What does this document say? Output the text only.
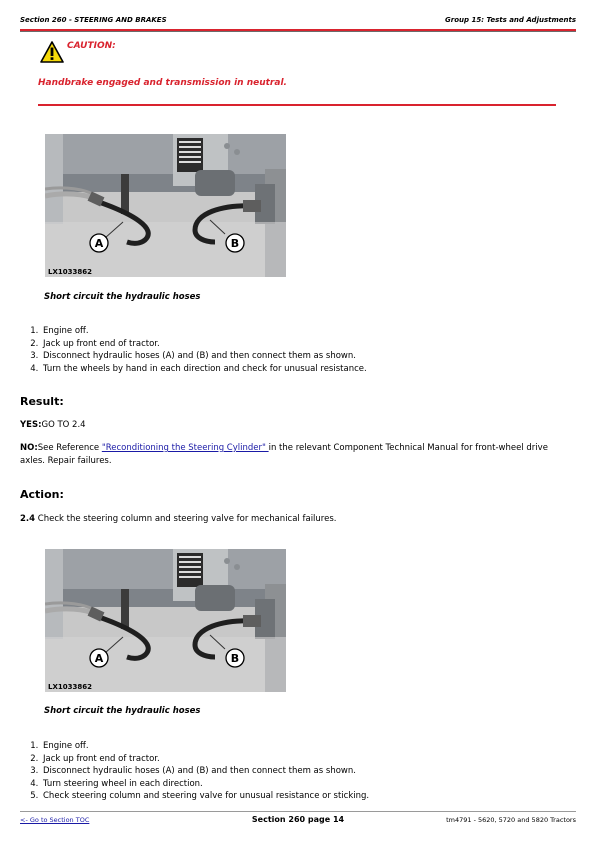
Section 260 - STEERING AND BRAKES	Group 15: Tests and Adjustments
CAUTION:
Handbrake engaged and transmission in neutral.
A	B
LX1033862
Short circuit the hydraulic hoses
1. Engine off.
2. Jack up front end of tractor.
3. Disconnect hydraulic hoses (A) and (B) and then connect them as shown.
4. Turn the wheels by hand in each direction and check for unusual resistance.
Result:
YES:GO TO 2.4
NO:See Reference "Reconditioning the Steering Cylinder" in the relevant Component Technical Manual for front-wheel drive axles. Repair failures.
Action:
2.4 Check the steering column and steering valve for mechanical failures.
A	B
LX1033862
Short circuit the hydraulic hoses
1. Engine off.
2. Jack up front end of tractor.
3. Disconnect hydraulic hoses (A) and (B) and then connect them as shown.
4. Turn steering wheel in each direction.
5. Check steering column and steering valve for unusual resistance or sticking.
<- Go to Section TOC	Section 260 page 14	tm4791 - 5620, 5720 and 5820 Tractors
